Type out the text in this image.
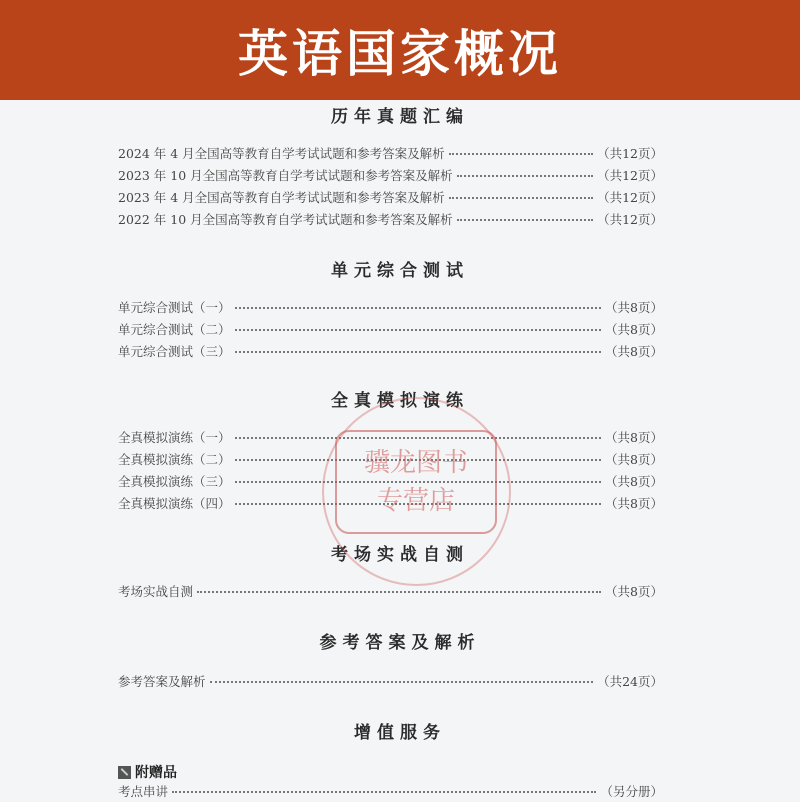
英语国家概况
历年真题汇编
2024 年 4 月全国高等教育自学考试试题和参考答案及解析	（共12页）
2023 年 10 月全国高等教育自学考试试题和参考答案及解析	（共12页）
2023 年 4 月全国高等教育自学考试试题和参考答案及解析	（共12页）
2022 年 10 月全国高等教育自学考试试题和参考答案及解析	（共12页）
单元综合测试
单元综合测试（一）	（共8页）
单元综合测试（二）	（共8页）
单元综合测试（三）	（共8页）
全真模拟演练
全真模拟演练（一）	（共8页）
全真模拟演练（二）	（共8页）
全真模拟演练（三）	（共8页）
全真模拟演练（四）	（共8页）
考场实战自测
考场实战自测	（共8页）
参考答案及解析
参考答案及解析	（共24页）
增值服务
附赠品
考点串讲	（另分册）
骥龙图书
专营店
